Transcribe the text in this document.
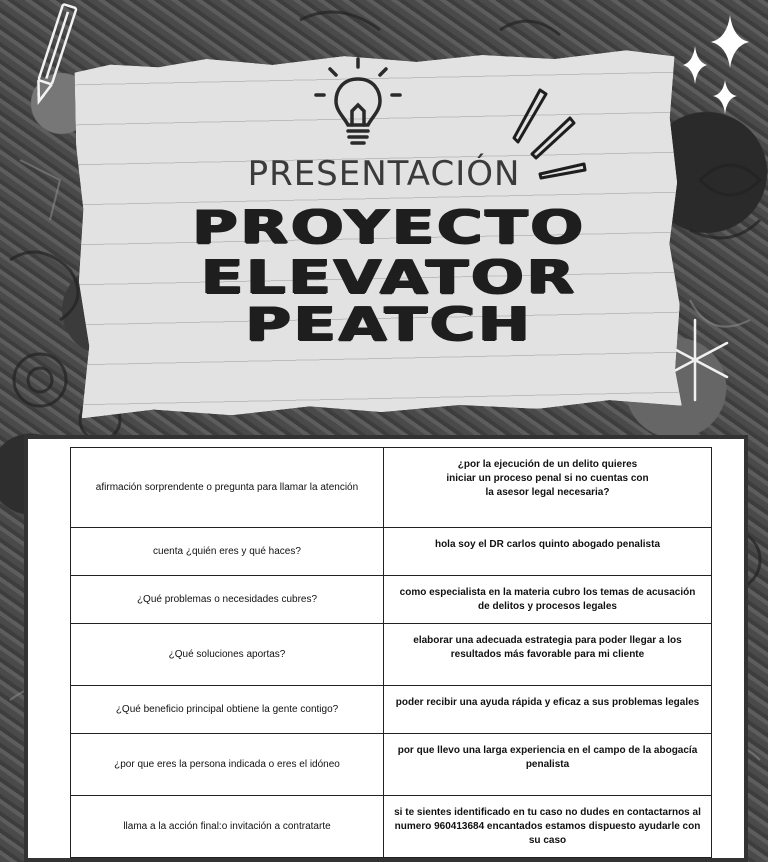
PRESENTACIÓN
PROYECTO
ELEVATOR
PEATCH
afirmación sorprendente o pregunta para llamar la atención	¿por la ejecución de un delito quieres iniciar un proceso penal si no cuentas con la asesor legal necesaria?
cuenta ¿quién eres y qué haces?	hola soy el DR carlos quinto abogado penalista
¿Qué problemas o necesidades cubres?	como especialista en la materia cubro los temas de acusación de delitos y procesos legales
¿Qué soluciones aportas?	elaborar una adecuada estrategia para poder llegar a los resultados más favorable para mi cliente
¿Qué beneficio principal obtiene la gente contigo?	poder recibir una ayuda rápida y eficaz a sus problemas legales
¿por que eres la persona indicada o eres el idóneo	por que llevo una larga experiencia en el campo de la abogacía penalista
llama a la acción final:o invitación a contratarte	si te sientes identificado en tu caso no dudes en contactarnos al numero 960413684 encantados estamos dispuesto ayudarle con su caso
